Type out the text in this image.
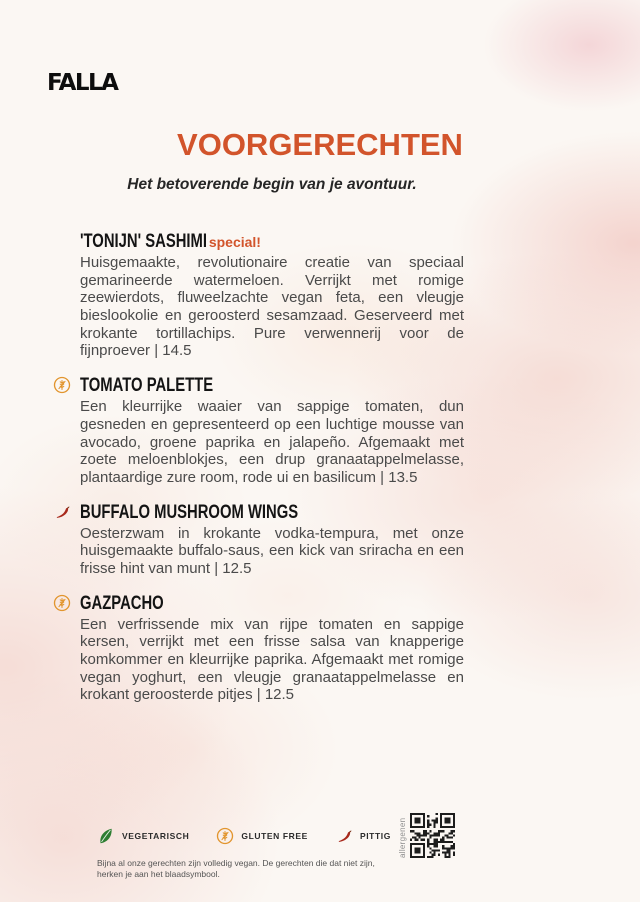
FALLA
VOORGERECHTEN
Het betoverende begin van je avontuur.
'TONIJN' SASHIMI special!

Huisgemaakte, revolutionaire creatie van speciaal gemarineerde watermeloen. Verrijkt met romige zeewierdots, fluweelzachte vegan feta, een vleugje bieslookolie en geroosterd sesamzaad. Geserveerd met krokante tortillachips. Pure verwennerij voor de fijnproever | 14.5

TOMATO PALETTE

Een kleurrijke waaier van sappige tomaten, dun gesneden en gepresenteerd op een luchtige mousse van avocado, groene paprika en jalapeño. Afgemaakt met zoete meloenblokjes, een drup granaatappelmelasse, plantaardige zure room, rode ui en basilicum | 13.5

BUFFALO MUSHROOM WINGS

Oesterzwam in krokante vodka-tempura, met onze huisgemaakte buffalo-saus, een kick van sriracha en een frisse hint van munt | 12.5

GAZPACHO

Een verfrissende mix van rijpe tomaten en sappige kersen, verrijkt met een frisse salsa van knapperige komkommer en kleurrijke paprika. Afgemaakt met romige vegan yoghurt, een vleugje granaatappelmelasse en krokant geroosterde pitjes | 12.5

VEGETARISCH	GLUTEN FREE	PITTIG allergenen

Bijna al onze gerechten zijn volledig vegan. De gerechten die dat niet zijn, herken je aan het blaadsymbool.
